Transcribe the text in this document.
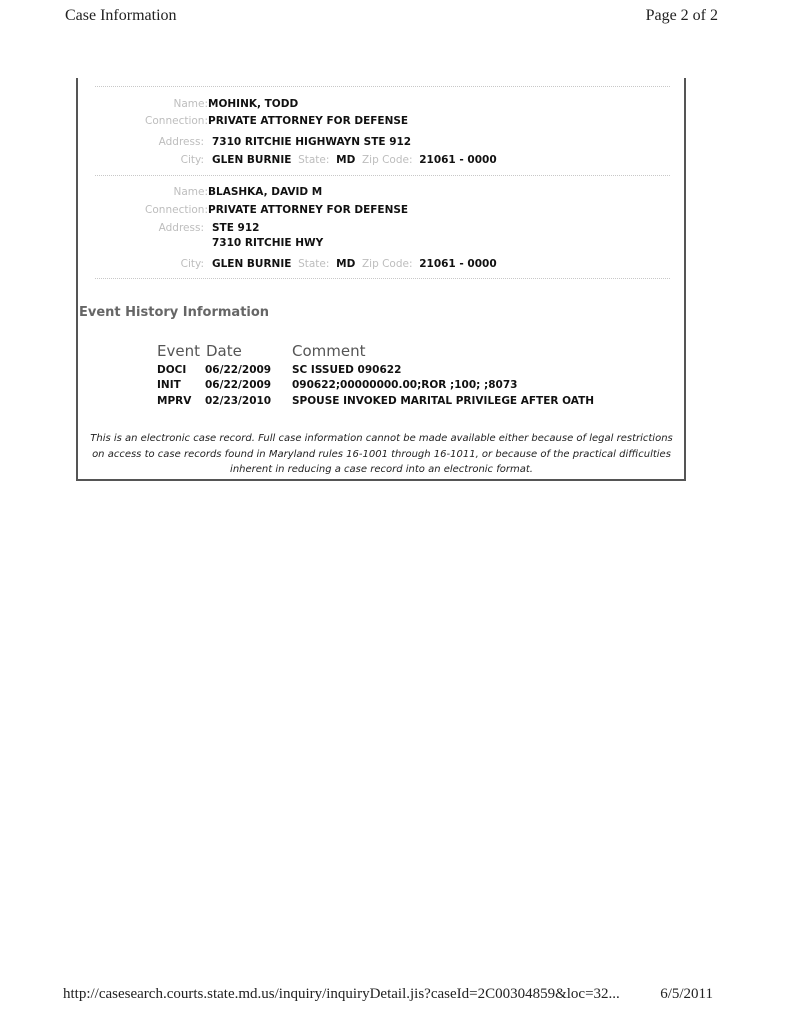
Case Information	Page 2 of 2
Name: MOHINK, TODD
Connection: PRIVATE ATTORNEY FOR DEFENSE
Address: 7310 RITCHIE HIGHWAYN STE 912
City: GLEN BURNIE State: MD Zip Code: 21061 - 0000
Name: BLASHKA, DAVID M
Connection: PRIVATE ATTORNEY FOR DEFENSE
Address: STE 912
7310 RITCHIE HWY
City: GLEN BURNIE State: MD Zip Code: 21061 - 0000
Event History Information
Event Date	Comment
DOCI 06/22/2009 SC ISSUED 090622
INIT 06/22/2009 090622;00000000.00;ROR ;100; ;8073
MPRV 02/23/2010 SPOUSE INVOKED MARITAL PRIVILEGE AFTER OATH
This is an electronic case record. Full case information cannot be made available either because of legal restrictions
on access to case records found in Maryland rules 16-1001 through 16-1011, or because of the practical difficulties
inherent in reducing a case record into an electronic format.
http://casesearch.courts.state.md.us/inquiry/inquiryDetail.jis?caseId=2C00304859&loc=32...	6/5/2011
